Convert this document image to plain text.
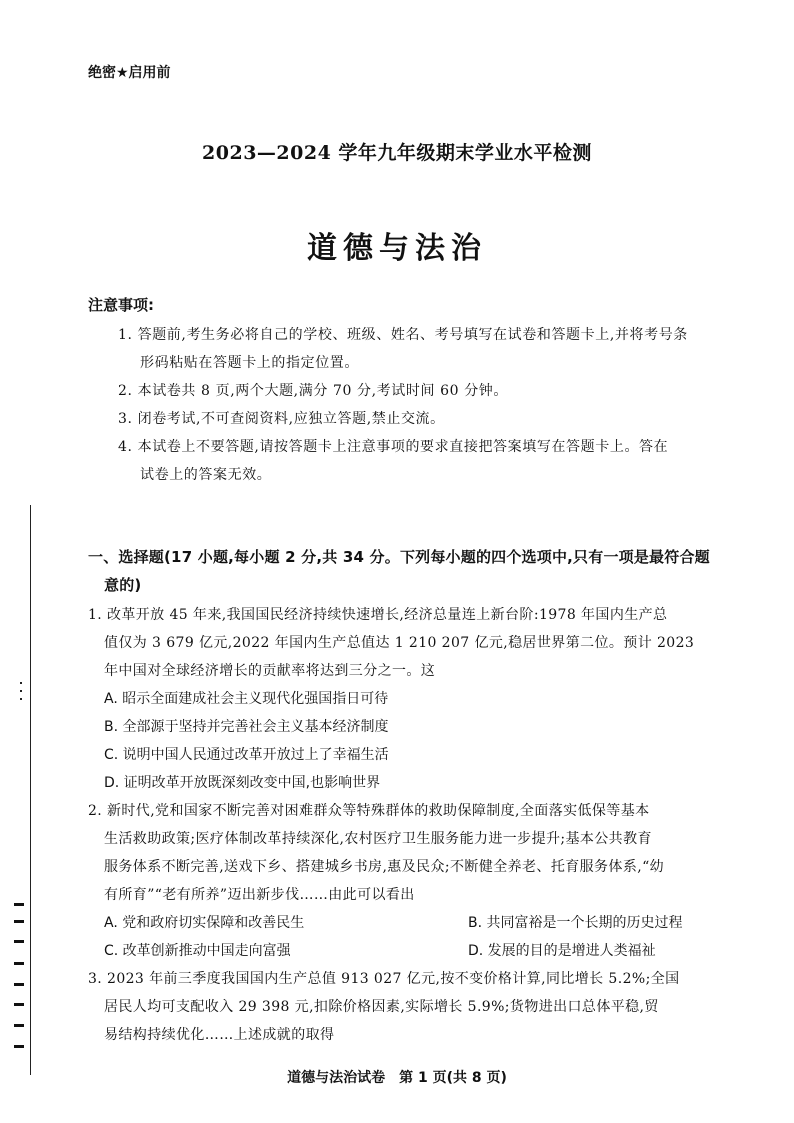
绝密★启用前
2023—2024 学年九年级期末学业水平检测
道德与法治
注意事项:
1. 答题前,考生务必将自己的学校、班级、姓名、考号填写在试卷和答题卡上,并将考号条
形码粘贴在答题卡上的指定位置。
2. 本试卷共 8 页,两个大题,满分 70 分,考试时间 60 分钟。
3. 闭卷考试,不可查阅资料,应独立答题,禁止交流。
4. 本试卷上不要答题,请按答题卡上注意事项的要求直接把答案填写在答题卡上。答在
试卷上的答案无效。
一、选择题(17 小题,每小题 2 分,共 34 分。下列每小题的四个选项中,只有一项是最符合题
意的)
1. 改革开放 45 年来,我国国民经济持续快速增长,经济总量连上新台阶:1978 年国内生产总
值仅为 3 679 亿元,2022 年国内生产总值达 1 210 207 亿元,稳居世界第二位。预计 2023
年中国对全球经济增长的贡献率将达到三分之一。这
A. 昭示全面建成社会主义现代化强国指日可待
B. 全部源于坚持并完善社会主义基本经济制度
C. 说明中国人民通过改革开放过上了幸福生活
D. 证明改革开放既深刻改变中国,也影响世界
2. 新时代,党和国家不断完善对困难群众等特殊群体的救助保障制度,全面落实低保等基本
生活救助政策;医疗体制改革持续深化,农村医疗卫生服务能力进一步提升;基本公共教育
服务体系不断完善,送戏下乡、搭建城乡书房,惠及民众;不断健全养老、托育服务体系,“幼
有所育”“老有所养”迈出新步伐……由此可以看出
A. 党和政府切实保障和改善民生	B. 共同富裕是一个长期的历史过程
C. 改革创新推动中国走向富强	D. 发展的目的是增进人类福祉
3. 2023 年前三季度我国国内生产总值 913 027 亿元,按不变价格计算,同比增长 5.2%;全国
居民人均可支配收入 29 398 元,扣除价格因素,实际增长 5.9%;货物进出口总体平稳,贸
易结构持续优化……上述成就的取得
道德与法治试卷　第 1 页(共 8 页)
